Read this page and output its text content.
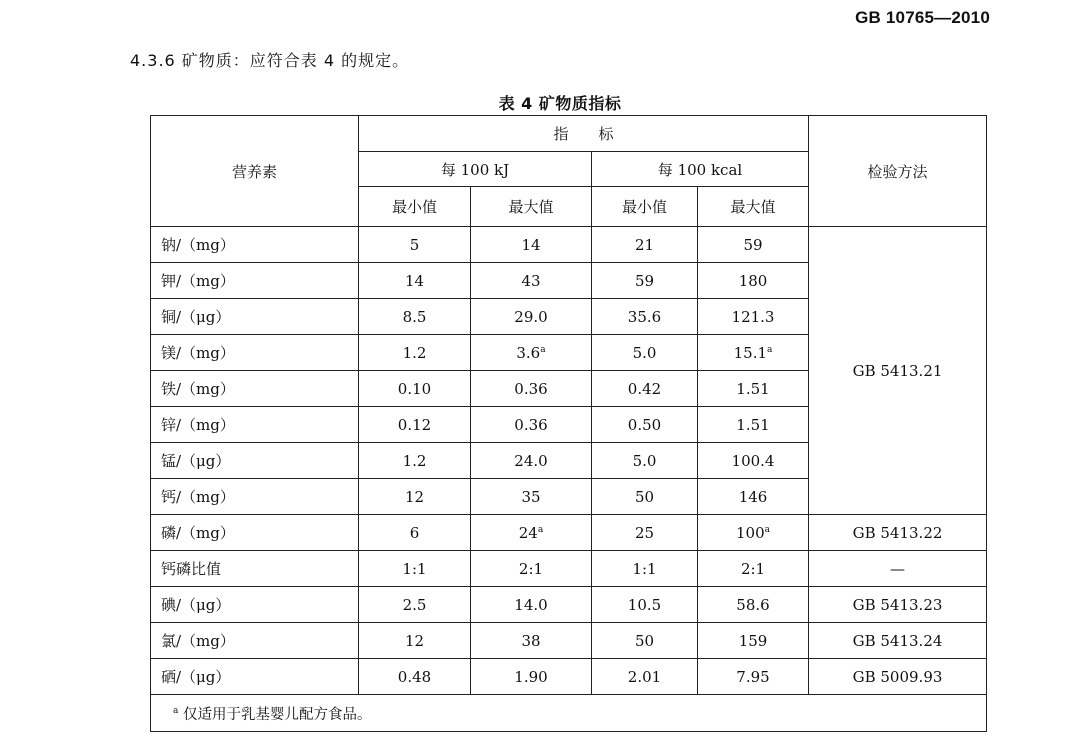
GB 10765—2010
4.3.6 矿物质：应符合表 4 的规定。
表 4 矿物质指标
营养素	指　　标				检验方法
	每 100 kJ		每 100 kcal		
	最小值	最大值	最小值	最大值	
钠/（mg）	5	14	21	59	GB 5413.21
钾/（mg）	14	43	59	180	
铜/（μg）	8.5	29.0	35.6	121.3	
镁/（mg）	1.2	3.6$^a$	5.0	15.1$^a$
铁/（mg）	0.10	0.36	0.42	1.51	
锌/（mg）	0.12	0.36	0.50	1.51	
锰/（μg）	1.2	24.0	5.0	100.4	
钙/（mg）	12	35	50	146	
磷/（mg）	6	24$^a$	25	100$^a$	GB 5413.22
钙磷比值	1:1	2:1	1:1	2:1	—
碘/（μg）	2.5	14.0	10.5	58.6	GB 5413.23
氯/（mg）	12	38	50	159	GB 5413.24
硒/（μg）	0.48	1.90	2.01	7.95	GB 5009.93
$^a$ 仅适用于乳基婴儿配方食品。					
